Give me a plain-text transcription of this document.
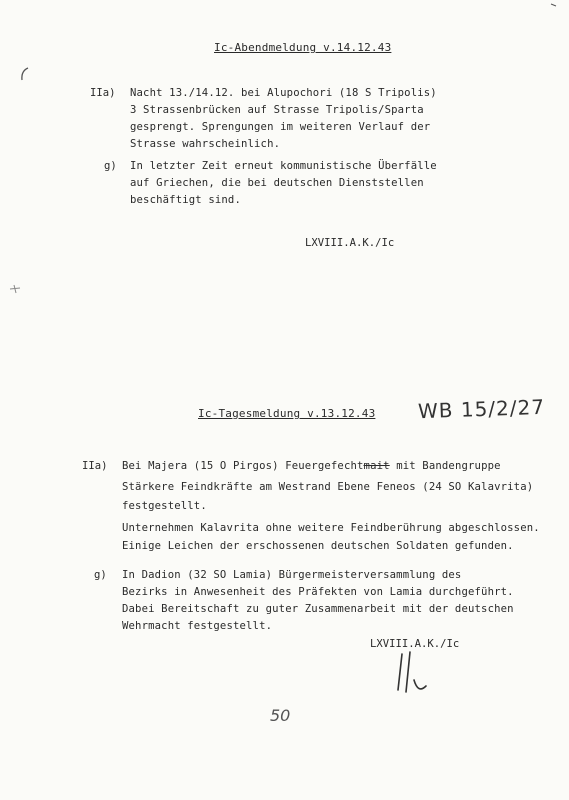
Ic-Abendmeldung v.14.12.43
IIa) Nacht 13./14.12. bei Alupochori (18 S Tripolis)
3 Strassenbrücken auf Strasse Tripolis/Sparta
gesprengt. Sprengungen im weiteren Verlauf der
Strasse wahrscheinlich.
g) In letzter Zeit erneut kommunistische Überfälle
auf Griechen, die bei deutschen Dienststellen
beschäftigt sind.
LXVIII.A.K./Ic
Ic-Tagesmeldung v.13.12.43 WB 15/2/27
IIa) Bei Majera (15 O Pirgos) Feuergefechtmait mit Bandengruppe
Stärkere Feindkräfte am Westrand Ebene Feneos (24 SO Kalavrita)
festgestellt.
Unternehmen Kalavrita ohne weitere Feindberührung abgeschlossen.
Einige Leichen der erschossenen deutschen Soldaten gefunden.
g) In Dadion (32 SO Lamia) Bürgermeisterversammlung des
Bezirks in Anwesenheit des Präfekten von Lamia durchgeführt.
Dabei Bereitschaft zu guter Zusammenarbeit mit der deutschen
Wehrmacht festgestellt.
LXVIII.A.K./Ic
50
